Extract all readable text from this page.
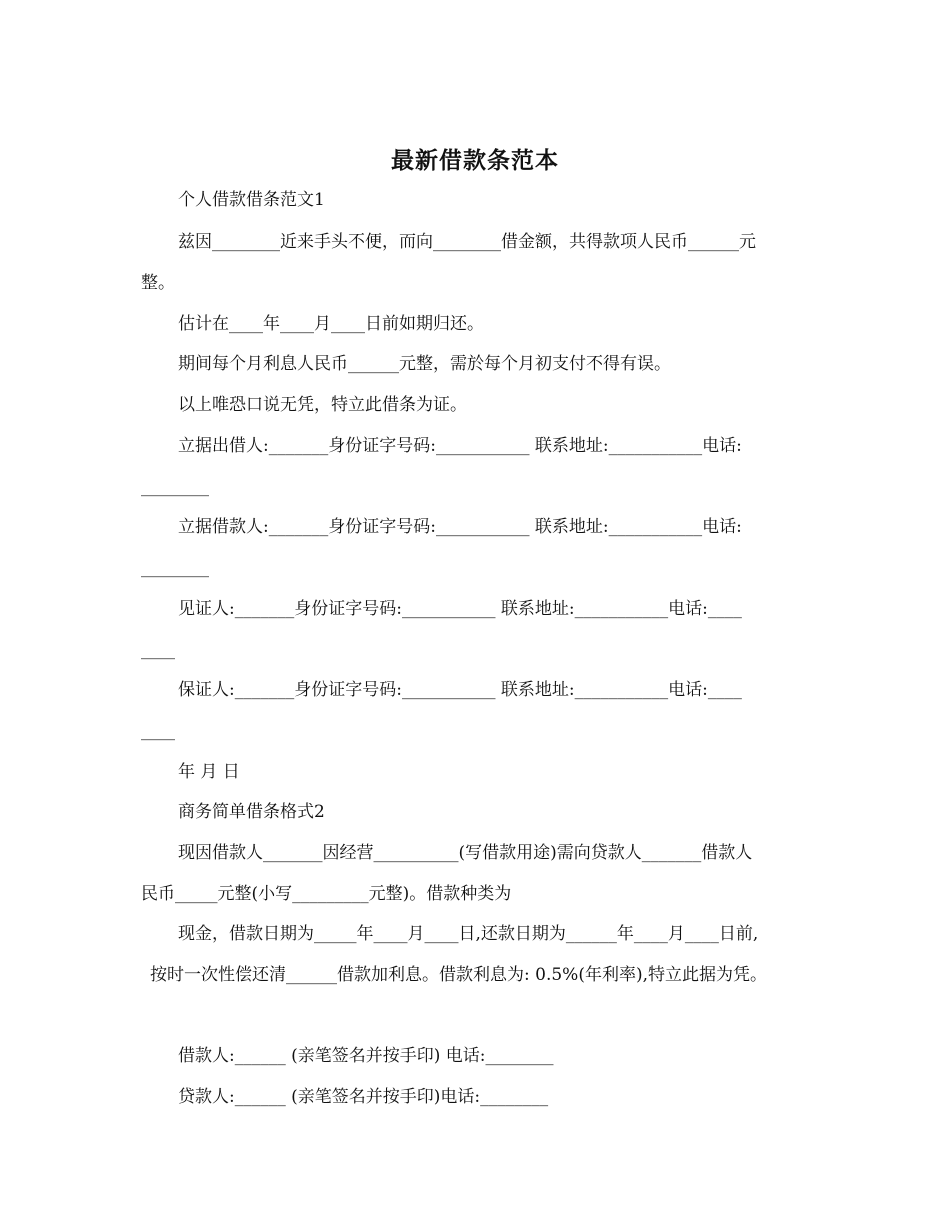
最新借款条范本
个人借款借条范文1
兹因________近来手头不便，而向________借金额，共得款项人民币______元
整。
估计在____年____月____日前如期归还。
期间每个月利息人民币______元整，需於每个月初支付不得有误。
以上唯恐口说无凭，特立此借条为证。
立据出借人:_______身份证字号码:___________ 联系地址:___________电话:
________
立据借款人:_______身份证字号码:___________ 联系地址:___________电话:
________
见证人:_______身份证字号码:___________ 联系地址:___________电话:____
____
保证人:_______身份证字号码:___________ 联系地址:___________电话:____
____
年 月 日
商务简单借条格式2
现因借款人_______因经营__________(写借款用途)需向贷款人_______借款人
民币_____元整(小写_________元整)。借款种类为
现金，借款日期为_____年____月____日,还款日期为______年____月____日前,
按时一次性偿还清______借款加利息。借款利息为: 0.5%(年利率),特立此据为凭。
借款人:______ (亲笔签名并按手印) 电话:________
贷款人:______ (亲笔签名并按手印)电话:________
